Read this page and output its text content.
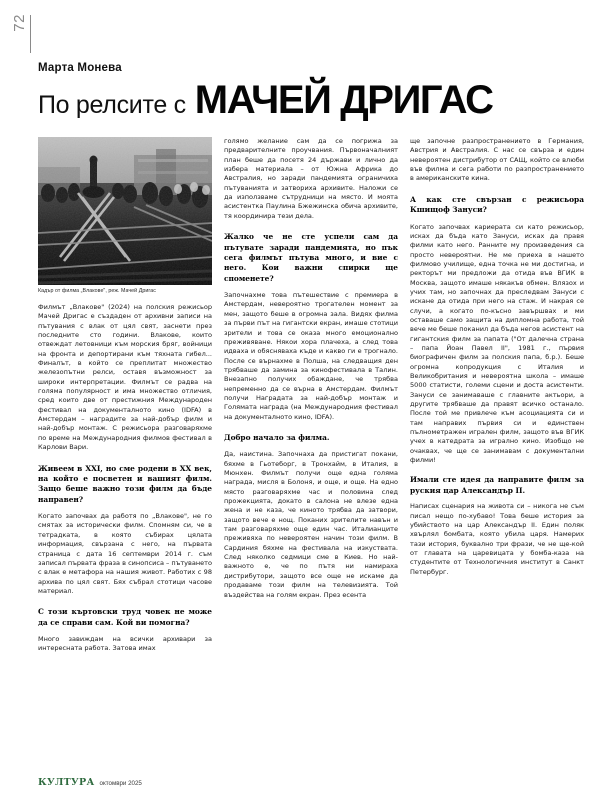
72
Марта Монева
По релсите с МАЧЕЙ ДРИГАС
Кадър от филма „Влакове", реж. Мачей Дригас

Филмът „Влакове" (2024) на полския режисьор Мачей Дригас е създаден от архивни записи на пътувания с влак от цял свят, заснети през последните сто години. Влакове, които отвеждат летовници към морския бряг, войници на фронта и депортирани към тяхната гибел... Финалът, в който се преплитат множество железопътни релси, оставя възможност за широки интерпретации. Филмът се радва на голяма популярност и има множество отличия, сред които две от престижния Международен фестивал на документалното кино (IDFA) в Амстердам – наградите за най-добър филм и най-добър монтаж. С режисьора разговаряхме по време на Международния филмов фестивал в Карлови Вари.

Живеем в XXI, но сме родени в XX век, на който е посветен и вашият филм. Защо беше важно този филм да бъде направен?

Когато започвах да работя по „Влакове", не го смятах за исторически филм. Спомням си, че в тетрадката, в която събирах цялата информация, свързана с него, на първата страница с дата 16 септември 2014 г. съм записал първата фраза в синопсиса – пътуването с влак е метафора на нашия живот. Работих с 98 архива по цял свят. Бях събрал стотици часове материал.

С този къртовски труд човек не може да се справи сам. Кой ви помогна?

Много завиждам на всички архивари за интересната работа. Затова имах

голямо желание сам да се погрижа за предварителните проучвания. Първоначалният план беше да посетя 24 държави и лично да избера материала – от Южна Африка до Австралия, но заради пандемията ограничиха пътуванията и затвориха архивите. Наложи се да използваме сътрудници на място. И моята асистентка Паулина Бжежинска обича архивите, тя координира тези дела.

Жалко че не сте успели сам да пътувате заради пандемията, но пък сега филмът пътува много, и вие с него. Кои важни спирки ще споменете?

Започнахме това пътешествие с премиера в Амстердам, невероятно трогателен момент за мен, защото беше в огромна зала. Видях филма за първи път на гигантски екран, имаше стотици зрители и това се оказа много емоционално преживяване. Някои хора плачеха, а след това идваха и обясняваха къде и какво ги е трогнало. После се върнахме в Полша, на следващия ден трябваше да замина за кинофестивала в Талин. Внезапно получих обаждане, че трябва непременно да се върна в Амстердам. Филмът получи Наградата за най-добър монтаж и Голямата награда (на Международния фестивал на документалното кино, IDFA).

Добро начало за филма.

Да, наистина. Започнаха да пристигат покани, бяхме в Гьотеборг, в Тронхайм, в Италия, в Мюнхен. Филмът получи още една голяма награда, мисля в Болоня, и още, и още. На едно място разговаряхме час и половина след прожекцията, докато в салона не влезе една жена и не каза, че киното трябва да затвори, защото вече е нощ. Поканих зрителите навън и там разговаряхме още един час. Италианците преживяха по невероятен начин този филм. В Сардиния бяхме на фестивала на изкуствата. След няколко седмици сме в Киев. Но най-важното е, че по пътя ни намираха дистрибутори, защото все още не искаме да продаваме този филм на телевизията. Той въздейства на голям екран. През есента

ще започне разпространението в Германия, Австрия и Австралия. С нас се свърза и един невероятен дистрибутор от САЩ, който се влюби във филма и сега работи по разпространението в американските кина.

А как сте свързан с режисьора Кшищоф Зануси?

Когато започвах кариерата си като режисьор, исках да бъда като Зануси, исках да правя филми като него. Ранните му произведения са просто невероятни. Не ме приеха в нашето филмово училище, една точка не ми достигна, и ректорът ми предложи да отида във ВГИК в Москва, защото имаше някакъв обмен. Влязох и учих там, но започнах да преследвам Зануси с искане да отида при него на стаж. И накрая се случи, а когато по-късно завършвах и ми оставаше само защита на дипломна работа, той вече ме беше поканил да бъда негов асистент на гигантския филм за папата ("От далечна страна – папа Йоан Павел II", 1981 г., първия биографичен филм за полския папа, б.р.). Беше огромна копродукция с Италия и Великобритания и невероятна школа – имаше 5000 статисти, големи сцени и доста асистенти. Зануси се занимаваше с главните актьори, а другите трябваше да правят всичко останало. После той ме привлече към асоциацията си и там направих първия си и единствен пълнометражен игрален филм, защото във ВГИК учех в катедрата за игрално кино. Изобщо не очаквах, че ще се занимавам с документални филми!

Имали сте идея да направите филм за руския цар Александър II.

Написах сценария на живота си – никога не съм писал нещо по-хубаво! Това беше история за убийството на цар Александър II. Един поляк хвърлял бомбата, която убила царя. Намерих тази история, буквално три фрази, че не ще-кой от главата на царевицата у бомба-каза на студентите от Технологичния институт в Санкт Петербург.

КУЛТУРА октомври 2025
